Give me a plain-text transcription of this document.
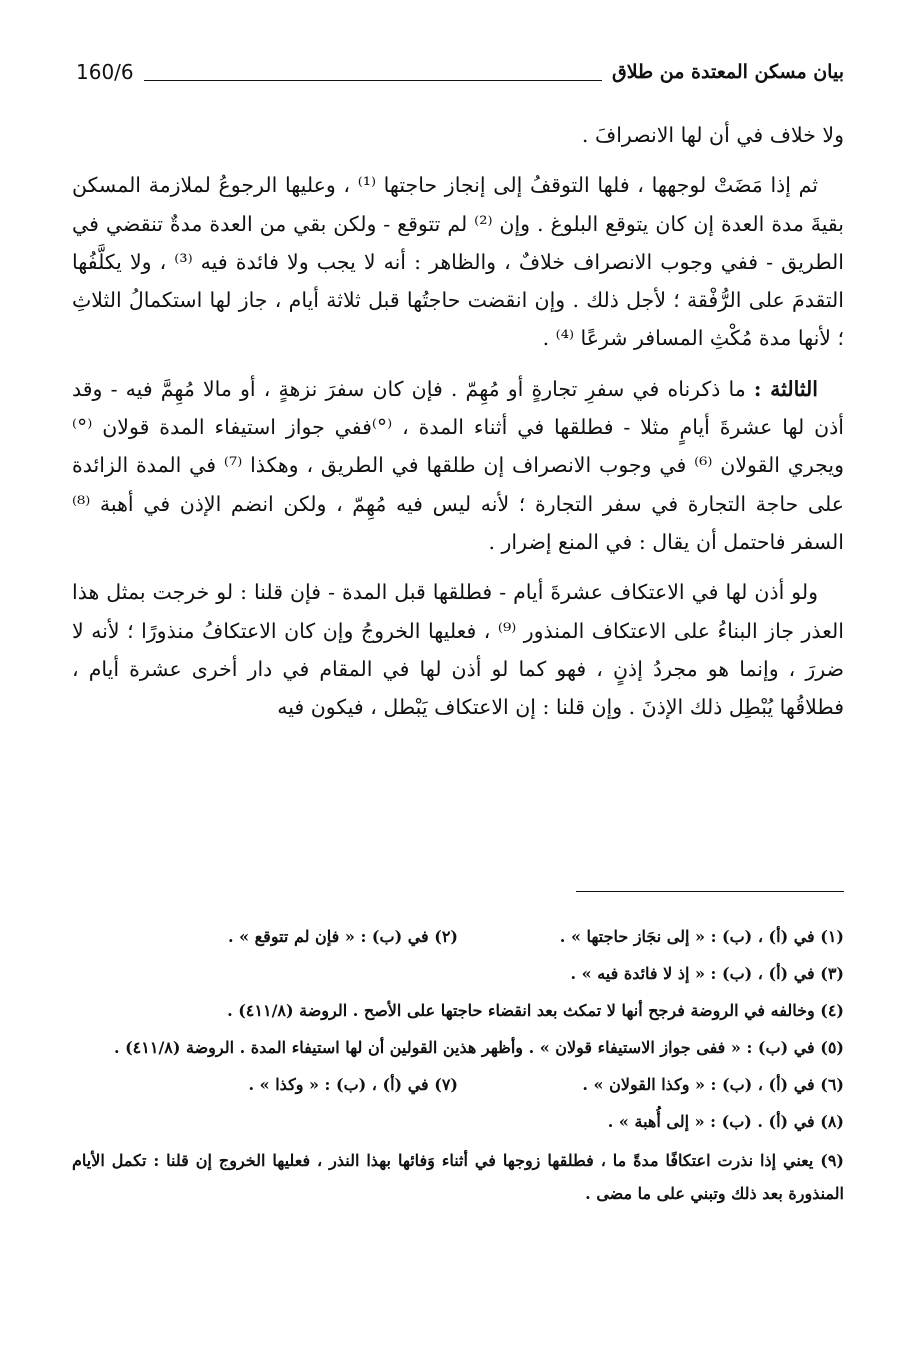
160/6	بيان مسكن المعتدة من طلاق

ولا خلاف في أن لها الانصرافَ .

ثم إذا مَضَتْ لوجهها ، فلها التوقفُ إلى إنجاز حاجتها ⁽¹⁾ ، وعليها الرجوعُ لملازمة المسكن بقيةَ مدة العدة إن كان يتوقع البلوغ . وإن ⁽²⁾ لم تتوقع - ولكن بقي من العدة مدةٌ تنقضي في الطريق - ففي وجوب الانصراف خلافٌ ، والظاهر : أنه لا يجب ولا فائدة فيه ⁽³⁾ ، ولا يكلَّفُها التقدمَ على الرُّفْقة ؛ لأجل ذلك . وإن انقضت حاجتُها قبل ثلاثة أيام ، جاز لها استكمالُ الثلاثِ ؛ لأنها مدة مُكْثِ المسافر شرعًا ⁽⁴⁾ .

الثالثة : ما ذكرناه في سفرِ تجارةٍ أو مُهِمّ . فإن كان سفرَ نزهةٍ ، أو مالا مُهِمَّ فيه - وقد أذن لها عشرةَ أيامٍ مثلا - فطلقها في أثناء المدة ، ⁽°⁾ففي جواز استيفاء المدة قولان ⁽°⁾ ويجري القولان ⁽⁶⁾ في وجوب الانصراف إن طلقها في الطريق ، وهكذا ⁽⁷⁾ في المدة الزائدة على حاجة التجارة في سفر التجارة ؛ لأنه ليس فيه مُهِمّ ، ولكن انضم الإذن في أهبة ⁽⁸⁾ السفر فاحتمل أن يقال : في المنع إضرار .

ولو أذن لها في الاعتكاف عشرةَ أيام - فطلقها قبل المدة - فإن قلنا : لو خرجت بمثل هذا العذر جاز البناءُ على الاعتكاف المنذور ⁽⁹⁾ ، فعليها الخروجُ وإن كان الاعتكافُ منذورًا ؛ لأنه لا ضررَ ، وإنما هو مجردُ إذنٍ ، فهو كما لو أذن لها في المقام في دار أخرى عشرة أيام ، فطلاقُها يُبْطِل ذلك الإذنَ . وإن قلنا : إن الاعتكاف يَبْطل ، فيكون فيه

(١) في (أ) ، (ب) : « إلى نجَاز حاجتها » .
(٢) في (ب) : « فإن لم تتوقع » .
(٣) في (أ) ، (ب) : « إذ لا فائدة فيه » .
(٤) وخالفه في الروضة فرجح أنها لا تمكث بعد انقضاء حاجتها على الأصح . الروضة (٤١١/٨) .
(٥) في (ب) : « ففى جواز الاستيفاء قولان » . وأظهر هذين القولين أن لها استيفاء المدة . الروضة (٤١١/٨) .
(٦) في (أ) ، (ب) : « وكذا القولان » .
(٧) في (أ) ، (ب) : « وكذا » .
(٨) في (أ) . (ب) : « إلى أُهبة » .
(٩) يعني إذا نذرت اعتكافًا مدةً ما ، فطلقها زوجها في أثناء وَفائها بهذا النذر ، فعليها الخروج إن قلنا : تكمل الأيام المنذورة بعد ذلك وتبني على ما مضى .
